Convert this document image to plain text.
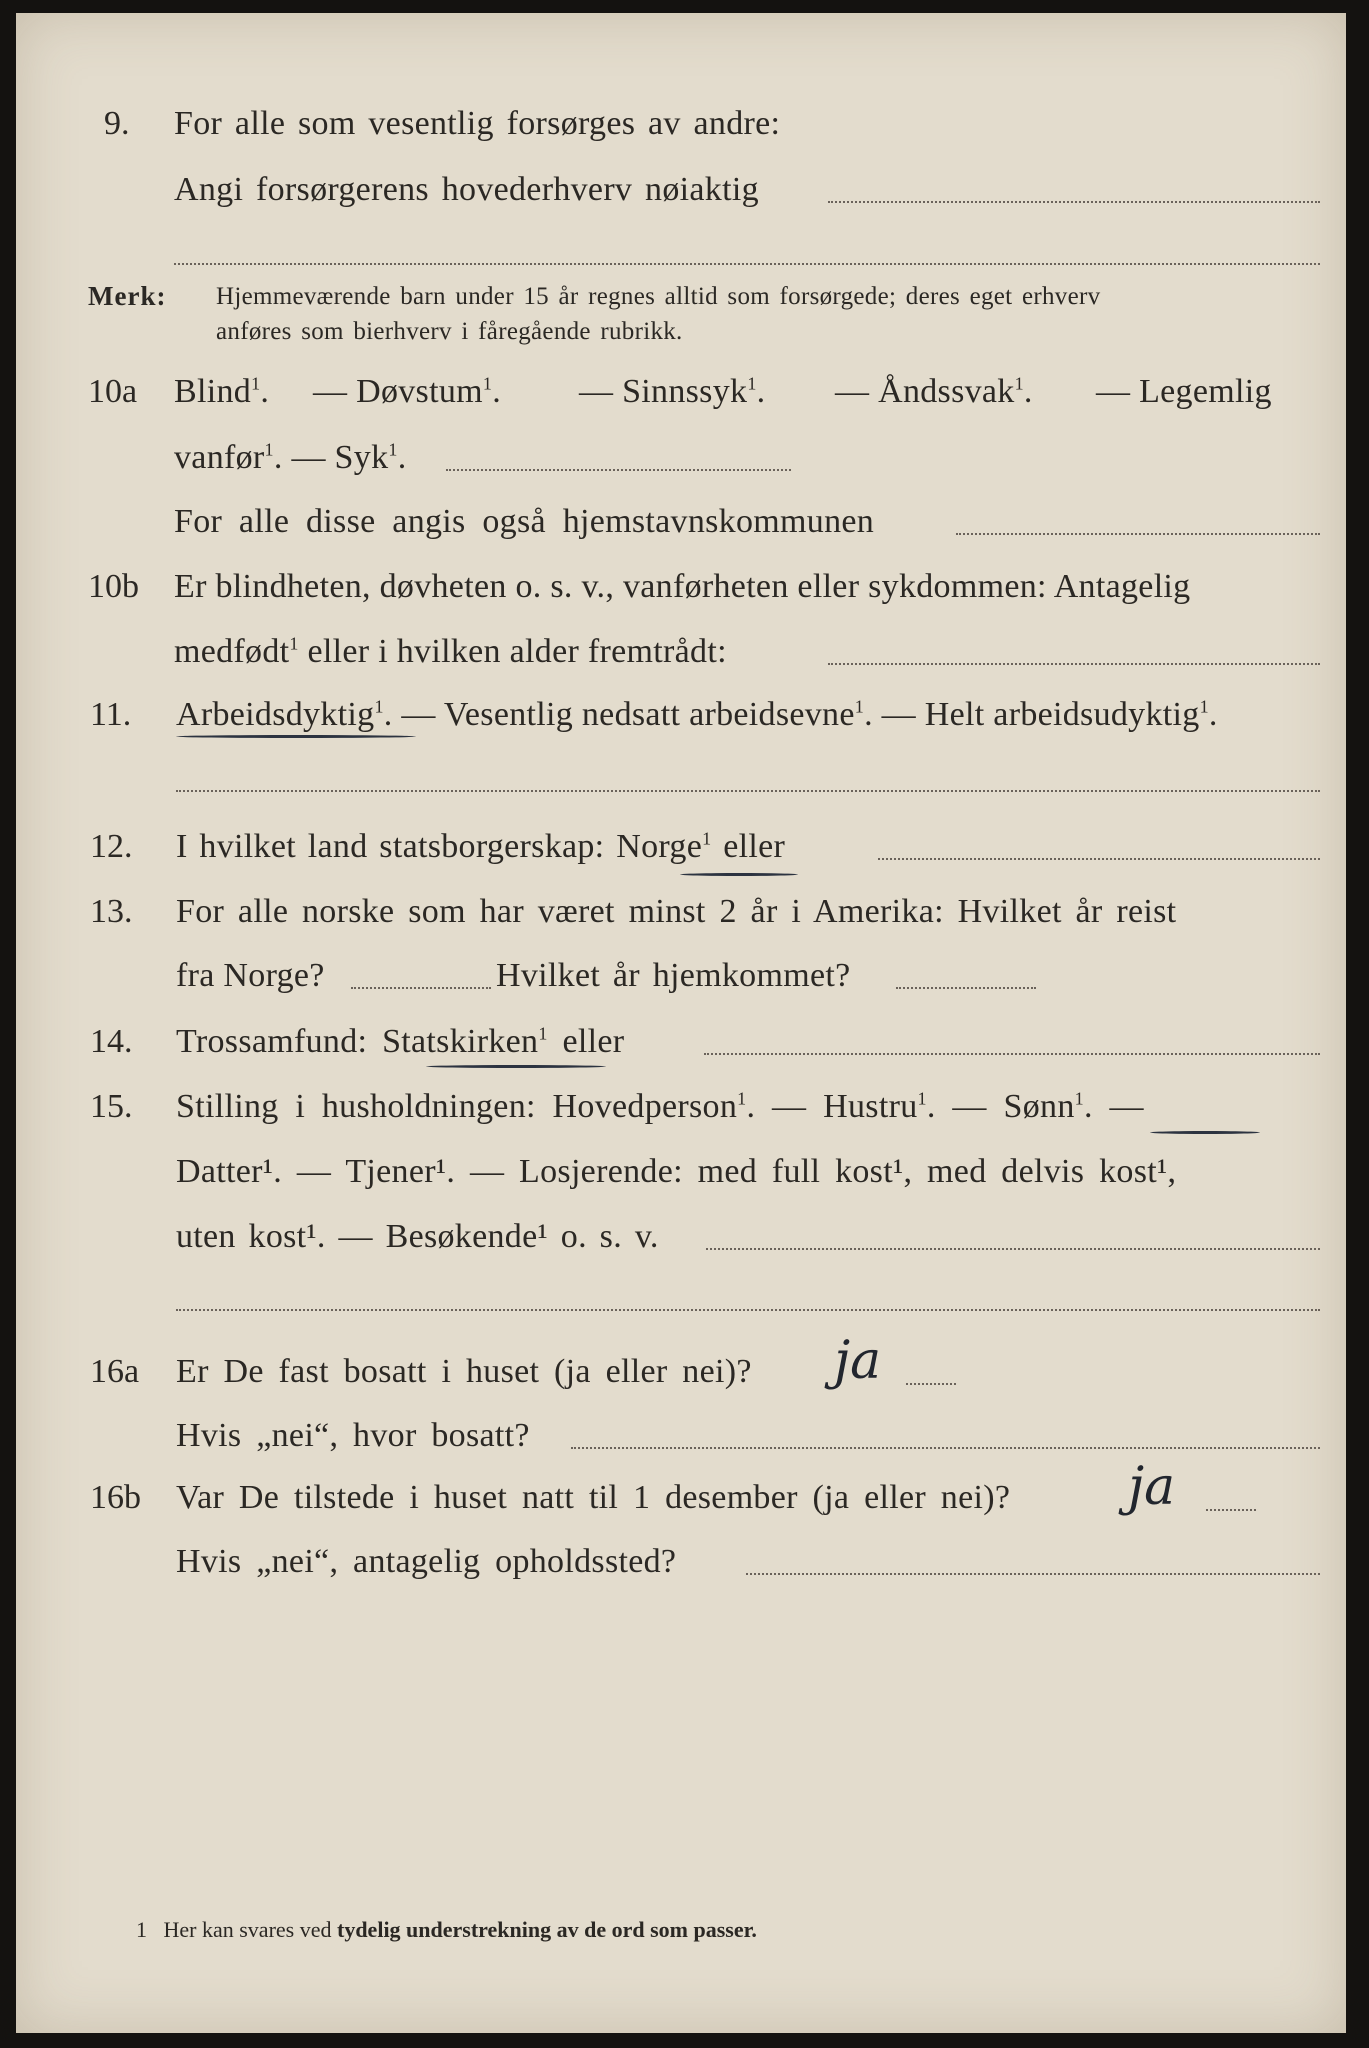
9. For alle som vesentlig forsørges av andre:
Angi forsørgerens hovederhverv nøiaktig
Merk: Hjemmeværende barn under 15 år regnes alltid som forsørgede; deres eget erhverv
anføres som bierhverv i fåregående rubrikk.
10a Blind$^1$. — Døvstum$^1$. — Sinnssyk$^1$. — Åndssvak$^1$. — Legemlig
vanfør$^1$. — Syk$^1$.
For alle disse angis også hjemstavnskommunen
10b Er blindheten, døvheten o. s. v., vanførheten eller sykdommen: Antagelig
medfødt$^1$ eller i hvilken alder fremtrådt:
11. Arbeidsdyktig$^1$. — Vesentlig nedsatt arbeidsevne$^1$. — Helt arbeidsudyktig$^1$.
12. I hvilket land statsborgerskap: Norge$^1$ eller
13. For alle norske som har været minst 2 år i Amerika: Hvilket år reist
fra Norge?	Hvilket år hjemkommet?
14. Trossamfund: Statskirken$^1$ eller
15. Stilling i husholdningen: Hovedperson$^1$. — Hustru$^1$. — Sønn$^1$. —
Datter¹. — Tjener¹. — Losjerende: med full kost¹, med delvis kost¹,
uten kost¹. — Besøkende¹ o. s. v.
16a Er De fast bosatt i huset (ja eller nei)? ja
Hvis „nei“, hvor bosatt?
16b Var De tilstede i huset natt til 1 desember (ja eller nei)? ja
Hvis „nei“, antagelig opholdssted?
1 Her kan svares ved tydelig understrekning av de ord som passer.
